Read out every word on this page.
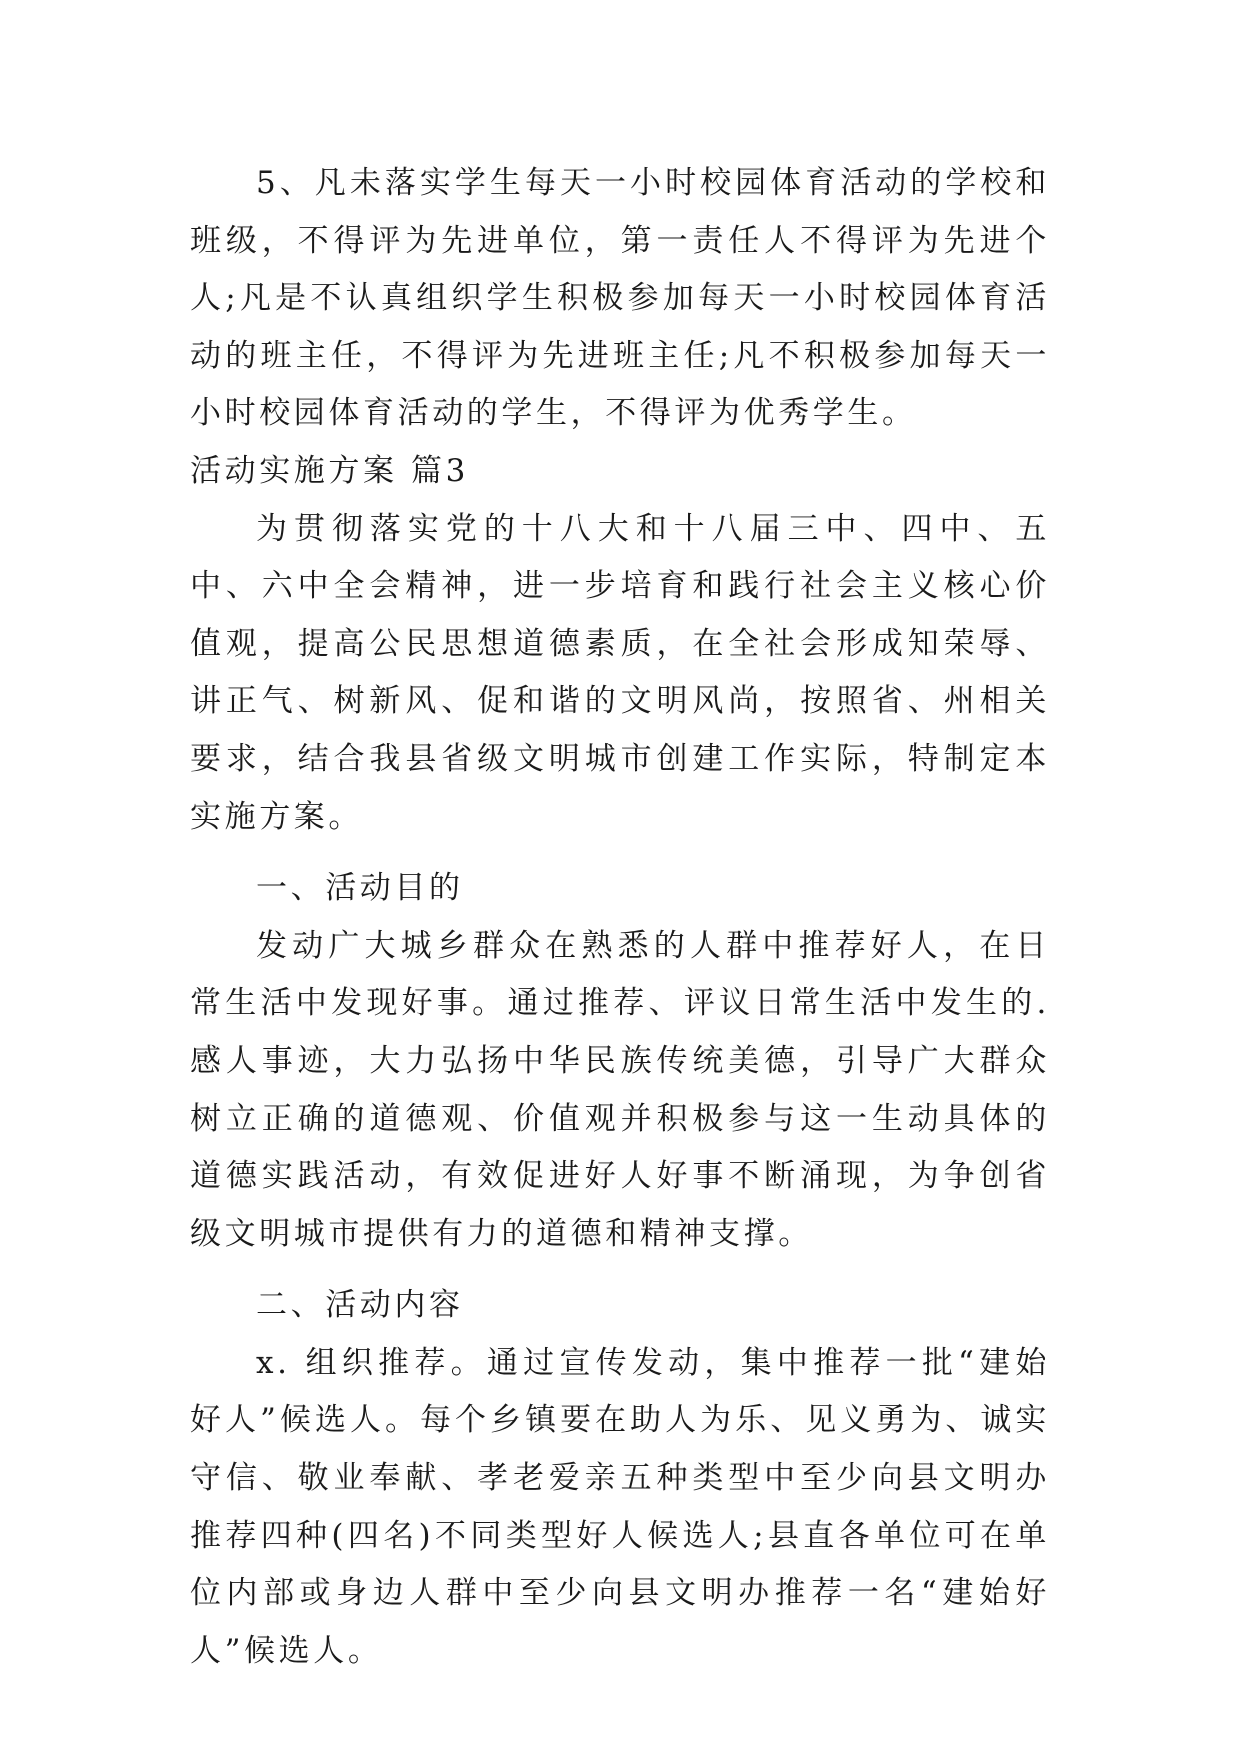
5、凡未落实学生每天一小时校园体育活动的学校和班级，不得评为先进单位，第一责任人不得评为先进个人;凡是不认真组织学生积极参加每天一小时校园体育活动的班主任，不得评为先进班主任;凡不积极参加每天一小时校园体育活动的学生，不得评为优秀学生。

活动实施方案 篇3

为贯彻落实党的十八大和十八届三中、四中、五中、六中全会精神，进一步培育和践行社会主义核心价值观，提高公民思想道德素质，在全社会形成知荣辱、讲正气、树新风、促和谐的文明风尚，按照省、州相关要求，结合我县省级文明城市创建工作实际，特制定本实施方案。

一、活动目的

发动广大城乡群众在熟悉的人群中推荐好人，在日常生活中发现好事。通过推荐、评议日常生活中发生的.感人事迹，大力弘扬中华民族传统美德，引导广大群众树立正确的道德观、价值观并积极参与这一生动具体的道德实践活动，有效促进好人好事不断涌现，为争创省级文明城市提供有力的道德和精神支撑。

二、活动内容

x. 组织推荐。通过宣传发动，集中推荐一批“建始好人”候选人。每个乡镇要在助人为乐、见义勇为、诚实守信、敬业奉献、孝老爱亲五种类型中至少向县文明办推荐四种(四名)不同类型好人候选人;县直各单位可在单位内部或身边人群中至少向县文明办推荐一名“建始好人”候选人。
